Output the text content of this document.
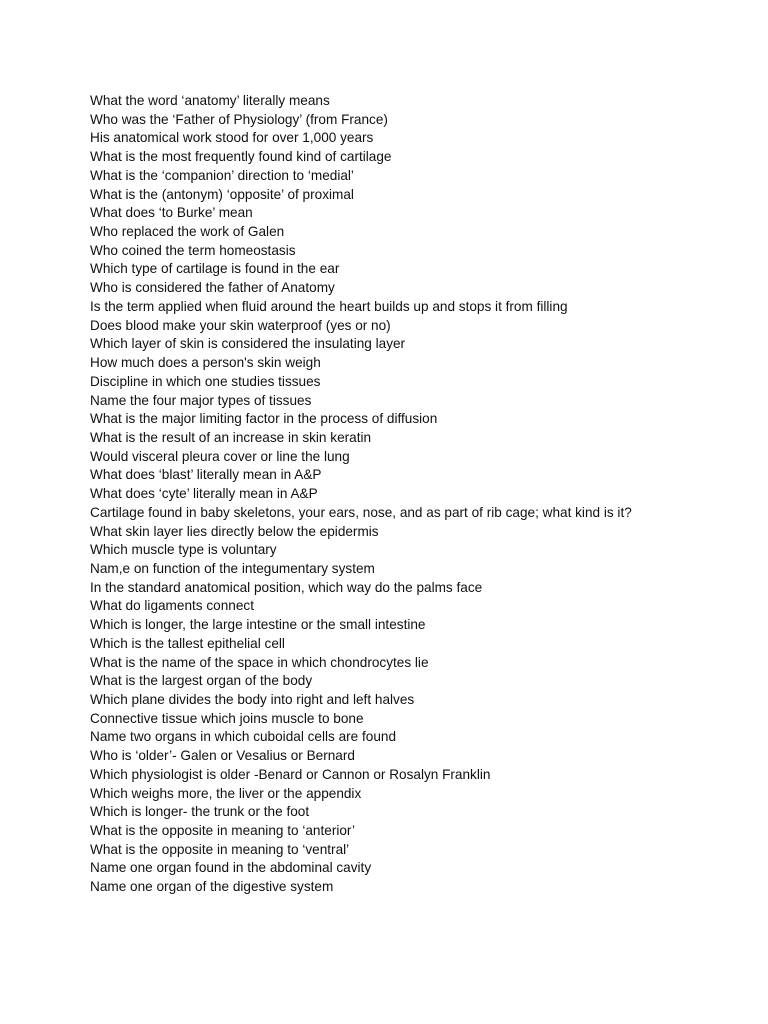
What the word ‘anatomy’ literally means
Who was the ‘Father of Physiology’ (from France)
His anatomical work stood for over 1,000 years
What is the most frequently found kind of cartilage
What is the ‘companion’ direction to ‘medial’
What is the (antonym) ‘opposite’ of proximal
What does ‘to Burke’ mean
Who replaced the work of Galen
Who coined the term homeostasis
Which type of cartilage is found in the ear
Who is considered the father of Anatomy
Is the term applied when fluid around the heart builds up and stops it from filling
Does blood make your skin waterproof (yes or no)
Which layer of skin is considered the insulating layer
How much does a person's skin weigh
Discipline in which one studies tissues
Name the four major types of tissues
What is the major limiting factor in the process of diffusion
What is the result of an increase in skin keratin
Would visceral pleura cover or line the lung
What does ‘blast’ literally mean in A&P
What does ‘cyte’ literally mean in A&P
Cartilage found in baby skeletons, your ears, nose, and as part of rib cage; what kind is it?
What skin layer lies directly below the epidermis
Which muscle type is voluntary
Nam,e on function of the integumentary system
In the standard anatomical position, which way do the palms face
What do ligaments connect
Which is longer, the large intestine or the small intestine
Which is the tallest epithelial cell
What is the name of the space in which chondrocytes lie
What is the largest organ of the body
Which plane divides the body into right and left halves
Connective tissue which joins muscle to bone
Name two organs in which cuboidal cells are found
Who is ‘older’- Galen or Vesalius or Bernard
Which physiologist is older -Benard or Cannon or Rosalyn Franklin
Which weighs more, the liver or the appendix
Which is longer- the trunk or the foot
What is the opposite in meaning to ‘anterior’
What is the opposite in meaning to ‘ventral’
Name one organ found in the abdominal cavity
Name one organ of the digestive system
